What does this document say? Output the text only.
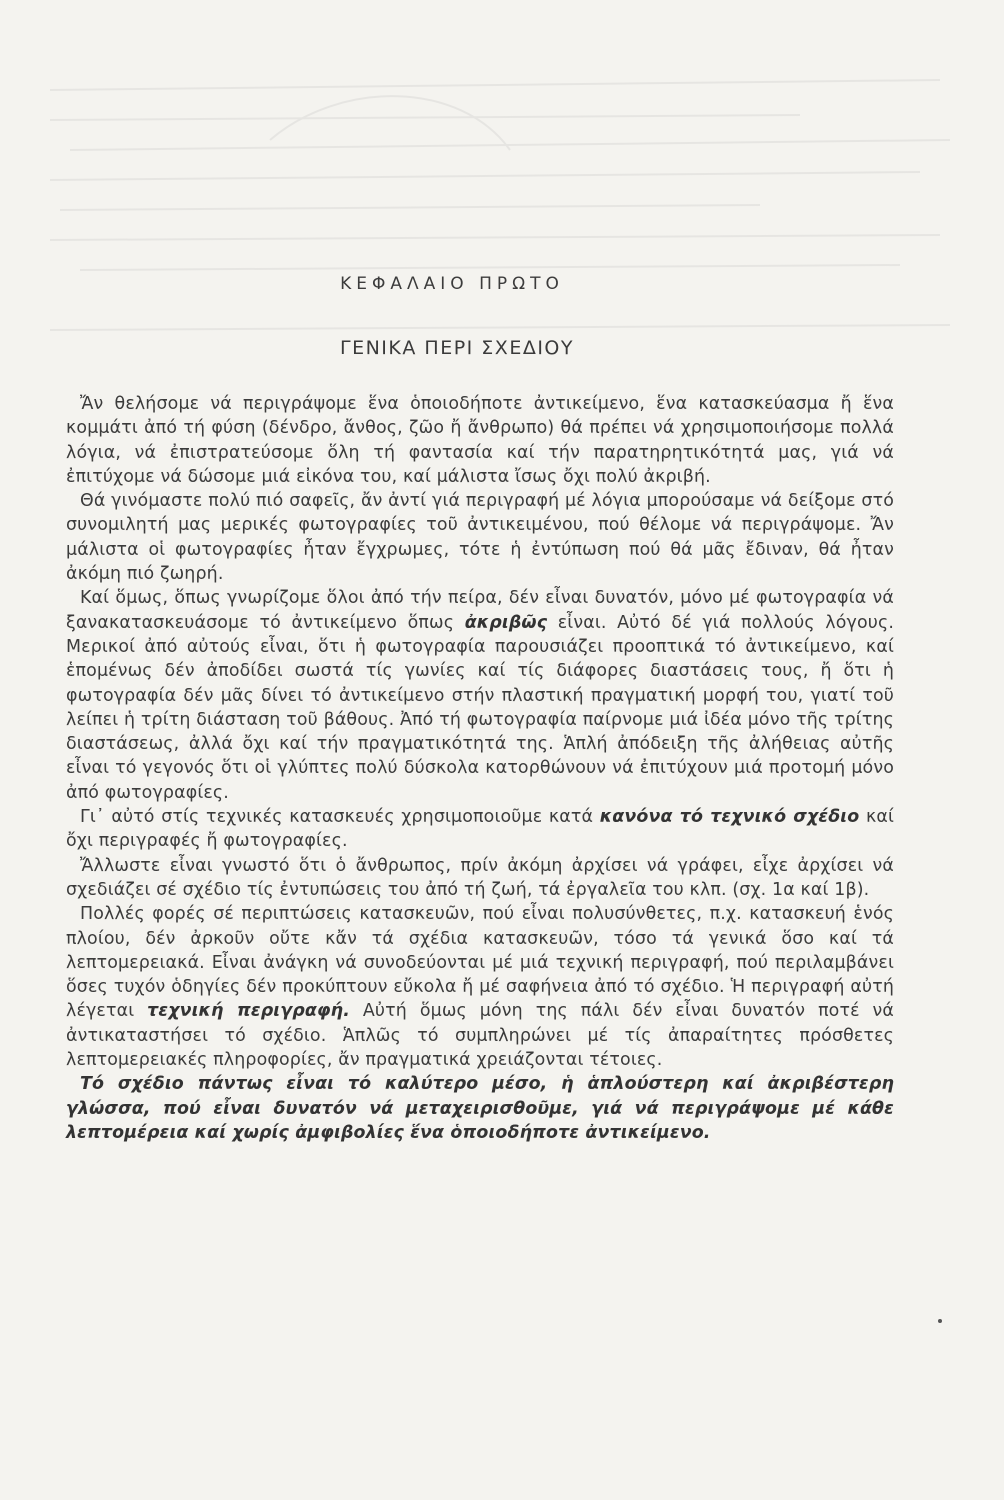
ΚΕΦΑΛΑΙΟ ΠΡΩΤΟ
ΓΕΝΙΚΑ ΠΕΡΙ ΣΧΕΔΙΟΥ

Ἄν θελήσομε νά περιγράψομε ἕνα ὁποιοδήποτε ἀντικείμενο, ἕνα κατασκεύασμα ἤ ἕνα κομμάτι ἀπό τή φύση (δένδρο, ἄνθος, ζῶο ἤ ἄνθρωπο) θά πρέπει νά χρησιμοποιήσομε πολλά λόγια, νά ἐπιστρατεύσομε ὅλη τή φαντασία καί τήν παρατηρητικότητά μας, γιά νά ἐπιτύχομε νά δώσομε μιά εἰκόνα του, καί μάλιστα ἴσως ὄχι πολύ ἀκριβή.

Θά γινόμαστε πολύ πιό σαφεῖς, ἄν ἀντί γιά περιγραφή μέ λόγια μπορούσαμε νά δείξομε στό συνομιλητή μας μερικές φωτογραφίες τοῦ ἀντικειμένου, πού θέλομε νά περιγράψομε. Ἄν μάλιστα οἱ φωτογραφίες ἦταν ἔγχρωμες, τότε ἡ ἐντύπωση πού θά μᾶς ἔδιναν, θά ἦταν ἀκόμη πιό ζωηρή.

Καί ὅμως, ὅπως γνωρίζομε ὅλοι ἀπό τήν πείρα, δέν εἶναι δυνατόν, μόνο μέ φωτογραφία νά ξανακατασκευάσομε τό ἀντικείμενο ὅπως ἀκριβῶς εἶναι. Αὐτό δέ γιά πολλούς λόγους. Μερικοί ἀπό αὐτούς εἶναι, ὅτι ἡ φωτογραφία παρουσιάζει προοπτικά τό ἀντικείμενο, καί ἑπομένως δέν ἀποδίδει σωστά τίς γωνίες καί τίς διάφορες διαστάσεις τους, ἤ ὅτι ἡ φωτογραφία δέν μᾶς δίνει τό ἀντικείμενο στήν πλαστική πραγματική μορφή του, γιατί τοῦ λείπει ἡ τρίτη διάσταση τοῦ βάθους. Ἀπό τή φωτογραφία παίρνομε μιά ἰδέα μόνο τῆς τρίτης διαστάσεως, ἀλλά ὄχι καί τήν πραγματικότητά της. Ἁπλή ἀπόδειξη τῆς ἀλήθειας αὐτῆς εἶναι τό γεγονός ὅτι οἱ γλύπτες πολύ δύσκολα κατορθώνουν νά ἐπιτύχουν μιά προτομή μόνο ἀπό φωτογραφίες.

Γι᾽ αὐτό στίς τεχνικές κατασκευές χρησιμοποιοῦμε κατά κανόνα τό τεχνικό σχέδιο καί ὄχι περιγραφές ἤ φωτογραφίες.

Ἄλλωστε εἶναι γνωστό ὅτι ὁ ἄνθρωπος, πρίν ἀκόμη ἀρχίσει νά γράφει, εἶχε ἀρχίσει νά σχεδιάζει σέ σχέδιο τίς ἐντυπώσεις του ἀπό τή ζωή, τά ἐργαλεῖα του κλπ. (σχ. 1α καί 1β).

Πολλές φορές σέ περιπτώσεις κατασκευῶν, πού εἶναι πολυσύνθετες, π.χ. κατασκευή ἑνός πλοίου, δέν ἀρκοῦν οὔτε κἄν τά σχέδια κατασκευῶν, τόσο τά γενικά ὅσο καί τά λεπτομερειακά. Εἶναι ἀνάγκη νά συνοδεύονται μέ μιά τεχνική περιγραφή, πού περιλαμβάνει ὅσες τυχόν ὁδηγίες δέν προκύπτουν εὔκολα ἤ μέ σαφήνεια ἀπό τό σχέδιο. Ἡ περιγραφή αὐτή λέγεται τεχνική περιγραφή. Αὐτή ὅμως μόνη της πάλι δέν εἶναι δυνατόν ποτέ νά ἀντικαταστήσει τό σχέδιο. Ἁπλῶς τό συμπληρώνει μέ τίς ἀπαραίτητες πρόσθετες λεπτομερειακές πληροφορίες, ἄν πραγματικά χρειάζονται τέτοιες.

Τό σχέδιο πάντως εἶναι τό καλύτερο μέσο, ἡ ἁπλούστερη καί ἀκριβέστερη γλώσσα, πού εἶναι δυνατόν νά μεταχειρισθοῦμε, γιά νά περιγράψομε μέ κάθε λεπτομέρεια καί χωρίς ἀμφιβολίες ἕνα ὁποιοδήποτε ἀντικείμενο.
